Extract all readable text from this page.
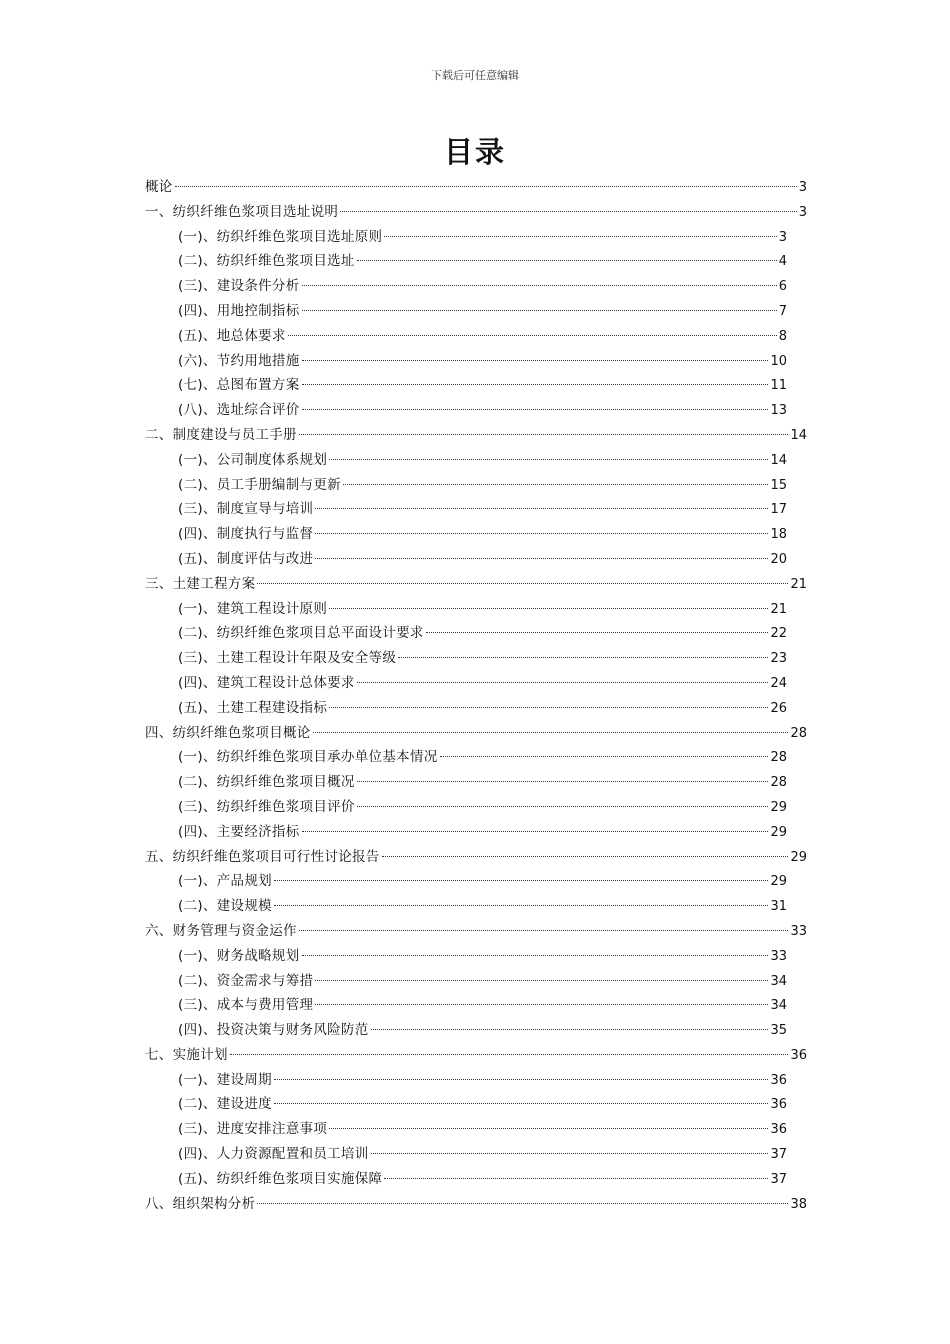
下载后可任意编辑
目录
概论	3
一、纺织纤维色浆项目选址说明	3
(一)、纺织纤维色浆项目选址原则	3
(二)、纺织纤维色浆项目选址	4
(三)、建设条件分析	6
(四)、用地控制指标	7
(五)、地总体要求	8
(六)、节约用地措施	10
(七)、总图布置方案	11
(八)、选址综合评价	13
二、制度建设与员工手册	14
(一)、公司制度体系规划	14
(二)、员工手册编制与更新	15
(三)、制度宣导与培训	17
(四)、制度执行与监督	18
(五)、制度评估与改进	20
三、土建工程方案	21
(一)、建筑工程设计原则	21
(二)、纺织纤维色浆项目总平面设计要求	22
(三)、土建工程设计年限及安全等级	23
(四)、建筑工程设计总体要求	24
(五)、土建工程建设指标	26
四、纺织纤维色浆项目概论	28
(一)、纺织纤维色浆项目承办单位基本情况	28
(二)、纺织纤维色浆项目概况	28
(三)、纺织纤维色浆项目评价	29
(四)、主要经济指标	29
五、纺织纤维色浆项目可行性讨论报告	29
(一)、产品规划	29
(二)、建设规模	31
六、财务管理与资金运作	33
(一)、财务战略规划	33
(二)、资金需求与筹措	34
(三)、成本与费用管理	34
(四)、投资决策与财务风险防范	35
七、实施计划	36
(一)、建设周期	36
(二)、建设进度	36
(三)、进度安排注意事项	36
(四)、人力资源配置和员工培训	37
(五)、纺织纤维色浆项目实施保障	37
八、组织架构分析	38
